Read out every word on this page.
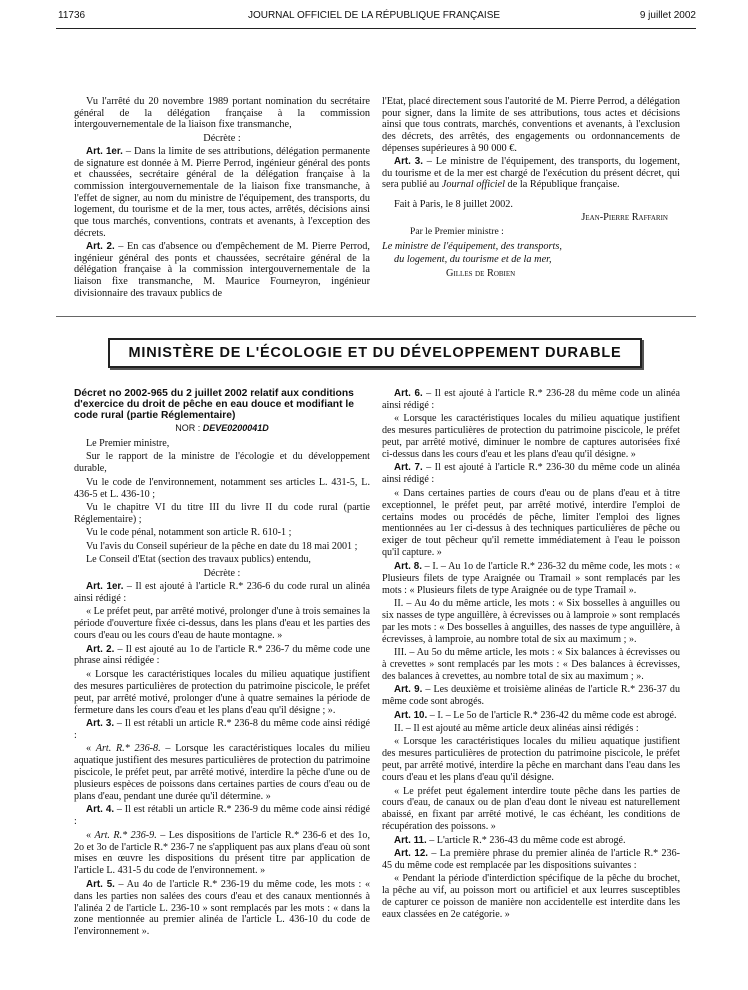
11736	JOURNAL OFFICIEL DE LA RÉPUBLIQUE FRANÇAISE	9 juillet 2002

Vu l'arrêté du 20 novembre 1989 portant nomination du secrétaire général de la délégation française à la commission intergouvernementale de la liaison fixe transmanche,

Décrète :

Art. 1er. – Dans la limite de ses attributions, délégation permanente de signature est donnée à M. Pierre Perrod, ingénieur général des ponts et chaussées, secrétaire général de la délégation française à la commission intergouvernementale de la liaison fixe transmanche, à l'effet de signer, au nom du ministre de l'équipement, des transports, du logement, du tourisme et de la mer, tous actes, arrêtés, décisions ainsi que tous marchés, conventions, contrats et avenants, à l'exception des décrets.

Art. 2. – En cas d'absence ou d'empêchement de M. Pierre Perrod, ingénieur général des ponts et chaussées, secrétaire général de la délégation française à la commission intergouvernementale de la liaison fixe transmanche, M. Maurice Fourneyron, ingénieur divisionnaire des travaux publics de

l'Etat, placé directement sous l'autorité de M. Pierre Perrod, a délégation pour signer, dans la limite de ses attributions, tous actes et décisions ainsi que tous contrats, marchés, conventions et avenants, à l'exclusion des décrets, des arrêtés, des engagements ou ordonnancements de dépenses supérieures à 90 000 €.

Art. 3. – Le ministre de l'équipement, des transports, du logement, du tourisme et de la mer est chargé de l'exécution du présent décret, qui sera publié au Journal officiel de la République française.

Fait à Paris, le 8 juillet 2002.

Jean-Pierre Raffarin

Par le Premier ministre :

Le ministre de l'équipement, des transports,

du logement, du tourisme et de la mer,

Gilles de Robien

MINISTÈRE DE L'ÉCOLOGIE ET DU DÉVELOPPEMENT DURABLE

Décret no 2002-965 du 2 juillet 2002 relatif aux conditions d'exercice du droit de pêche en eau douce et modifiant le code rural (partie Réglementaire)

NOR : DEVE0200041D

Le Premier ministre,

Sur le rapport de la ministre de l'écologie et du développement durable,

Vu le code de l'environnement, notamment ses articles L. 431-5, L. 436-5 et L. 436-10 ;

Vu le chapitre VI du titre III du livre II du code rural (partie Réglementaire) ;

Vu le code pénal, notamment son article R. 610-1 ;

Vu l'avis du Conseil supérieur de la pêche en date du 18 mai 2001 ;

Le Conseil d'Etat (section des travaux publics) entendu,

Décrète :

Art. 1er. – Il est ajouté à l'article R.* 236-6 du code rural un alinéa ainsi rédigé :

« Le préfet peut, par arrêté motivé, prolonger d'une à trois semaines la période d'ouverture fixée ci-dessus, dans les plans d'eau et les parties des cours d'eau ou les cours d'eau de haute montagne. »

Art. 2. – Il est ajouté au 1o de l'article R.* 236-7 du même code une phrase ainsi rédigée :

« Lorsque les caractéristiques locales du milieu aquatique justifient des mesures particulières de protection du patrimoine piscicole, le préfet peut, par arrêté motivé, prolonger d'une à quatre semaines la période de fermeture dans les cours d'eau et les plans d'eau qu'il désigne ; ».

Art. 3. – Il est rétabli un article R.* 236-8 du même code ainsi rédigé :

« Art. R.* 236-8. – Lorsque les caractéristiques locales du milieu aquatique justifient des mesures particulières de protection du patrimoine piscicole, le préfet peut, par arrêté motivé, interdire la pêche d'une ou de plusieurs espèces de poissons dans certaines parties de cours d'eau ou de plans d'eau, pendant une durée qu'il détermine. »

Art. 4. – Il est rétabli un article R.* 236-9 du même code ainsi rédigé :

« Art. R.* 236-9. – Les dispositions de l'article R.* 236-6 et des 1o, 2o et 3o de l'article R.* 236-7 ne s'appliquent pas aux plans d'eau où sont mises en œuvre les dispositions du présent titre par application de l'article L. 431-5 du code de l'environnement. »

Art. 5. – Au 4o de l'article R.* 236-19 du même code, les mots : « dans les parties non salées des cours d'eau et des canaux mentionnés à l'alinéa 2 de l'article L. 236-10 » sont remplacés par les mots : « dans la zone mentionnée au premier alinéa de l'article L. 436-10 du code de l'environnement ».

Art. 6. – Il est ajouté à l'article R.* 236-28 du même code un alinéa ainsi rédigé :

« Lorsque les caractéristiques locales du milieu aquatique justifient des mesures particulières de protection du patrimoine piscicole, le préfet peut, par arrêté motivé, diminuer le nombre de captures autorisées fixé ci-dessus dans les cours d'eau et les plans d'eau qu'il désigne. »

Art. 7. – Il est ajouté à l'article R.* 236-30 du même code un alinéa ainsi rédigé :

« Dans certaines parties de cours d'eau ou de plans d'eau et à titre exceptionnel, le préfet peut, par arrêté motivé, interdire l'emploi de certains modes ou procédés de pêche, limiter l'emploi des lignes mentionnées au 1er ci-dessus à des techniques particulières de pêche ou exiger de tout pêcheur qu'il remette immédiatement à l'eau le poisson qu'il capture. »

Art. 8. – I. – Au 1o de l'article R.* 236-32 du même code, les mots : « Plusieurs filets de type Araignée ou Tramail » sont remplacés par les mots : « Plusieurs filets de type Araignée ou de type Tramail ».

II. – Au 4o du même article, les mots : « Six bosselles à anguilles ou six nasses de type anguillère, à écrevisses ou à lamproie » sont remplacés par les mots : « Des bosselles à anguilles, des nasses de type anguillère, à écrevisses, à lamproie, au nombre total de six au maximum ; ».

III. – Au 5o du même article, les mots : « Six balances à écrevisses ou à crevettes » sont remplacés par les mots : « Des balances à écrevisses, des balances à crevettes, au nombre total de six au maximum ; ».

Art. 9. – Les deuxième et troisième alinéas de l'article R.* 236-37 du même code sont abrogés.

Art. 10. – I. – Le 5o de l'article R.* 236-42 du même code est abrogé.

II. – Il est ajouté au même article deux alinéas ainsi rédigés :

« Lorsque les caractéristiques locales du milieu aquatique justifient des mesures particulières de protection du patrimoine piscicole, le préfet peut, par arrêté motivé, interdire la pêche en marchant dans l'eau dans les cours d'eau et les plans d'eau qu'il désigne.

« Le préfet peut également interdire toute pêche dans les parties de cours d'eau, de canaux ou de plan d'eau dont le niveau est naturellement abaissé, en fixant par arrêté motivé, le cas échéant, les conditions de récupération des poissons. »

Art. 11. – L'article R.* 236-43 du même code est abrogé.

Art. 12. – La première phrase du premier alinéa de l'article R.* 236-45 du même code est remplacée par les dispositions suivantes :

« Pendant la période d'interdiction spécifique de la pêche du brochet, la pêche au vif, au poisson mort ou artificiel et aux leurres susceptibles de capturer ce poisson de manière non accidentelle est interdite dans les eaux classées en 2e catégorie. »
